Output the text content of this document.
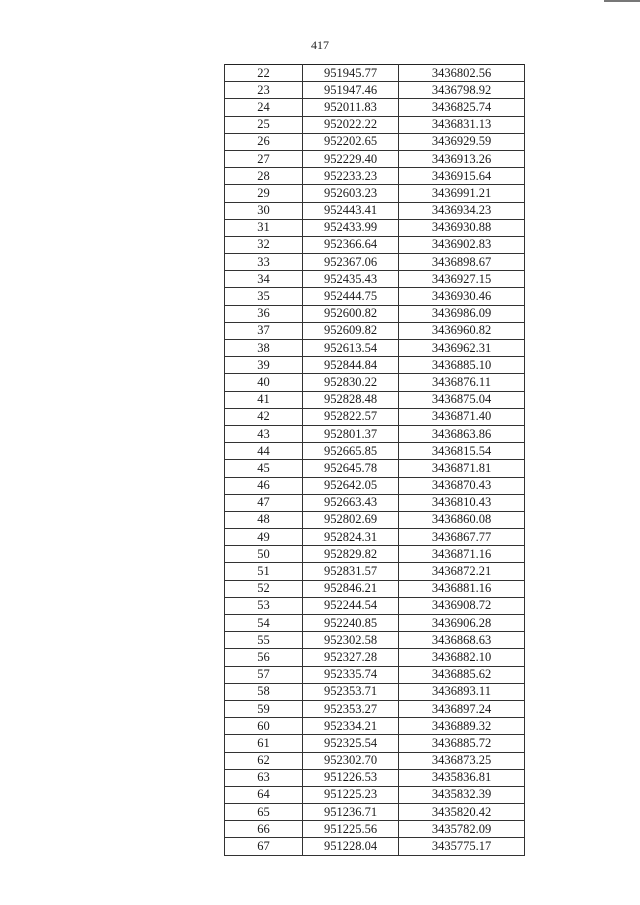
417
22	951945.77	3436802.56
23	951947.46	3436798.92
24	952011.83	3436825.74
25	952022.22	3436831.13
26	952202.65	3436929.59
27	952229.40	3436913.26
28	952233.23	3436915.64
29	952603.23	3436991.21
30	952443.41	3436934.23
31	952433.99	3436930.88
32	952366.64	3436902.83
33	952367.06	3436898.67
34	952435.43	3436927.15
35	952444.75	3436930.46
36	952600.82	3436986.09
37	952609.82	3436960.82
38	952613.54	3436962.31
39	952844.84	3436885.10
40	952830.22	3436876.11
41	952828.48	3436875.04
42	952822.57	3436871.40
43	952801.37	3436863.86
44	952665.85	3436815.54
45	952645.78	3436871.81
46	952642.05	3436870.43
47	952663.43	3436810.43
48	952802.69	3436860.08
49	952824.31	3436867.77
50	952829.82	3436871.16
51	952831.57	3436872.21
52	952846.21	3436881.16
53	952244.54	3436908.72
54	952240.85	3436906.28
55	952302.58	3436868.63
56	952327.28	3436882.10
57	952335.74	3436885.62
58	952353.71	3436893.11
59	952353.27	3436897.24
60	952334.21	3436889.32
61	952325.54	3436885.72
62	952302.70	3436873.25
63	951226.53	3435836.81
64	951225.23	3435832.39
65	951236.71	3435820.42
66	951225.56	3435782.09
67	951228.04	3435775.17
